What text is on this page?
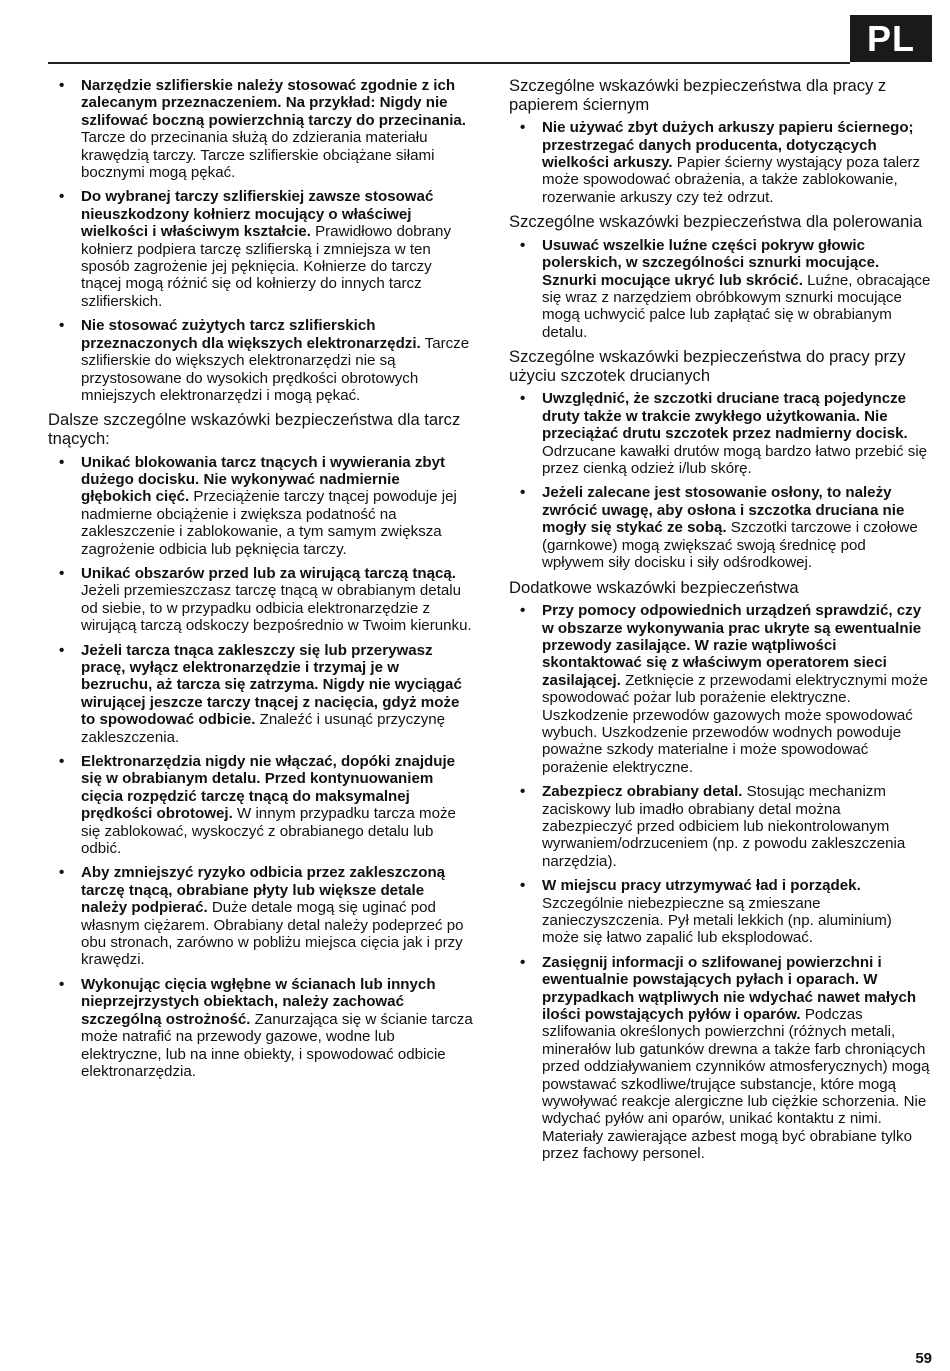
PL
• Narzędzie szlifierskie należy stosować zgodnie z ich zalecanym przeznaczeniem. Na przykład: Nigdy nie szlifować boczną powierzchnią tarczy do przecinania. Tarcze do przecinania służą do zdzierania materiału krawędzią tarczy. Tarcze szlifierskie obciążane siłami bocznymi mogą pękać.
• Do wybranej tarczy szlifierskiej zawsze stosować nieuszkodzony kołnierz mocujący o właściwej wielkości i właściwym kształcie. Prawidłowo dobrany kołnierz podpiera tarczę szlifierską i zmniejsza w ten sposób zagrożenie jej pęknięcia. Kołnierze do tarczy tnącej mogą różnić się od kołnierzy do innych tarcz szlifierskich.
• Nie stosować zużytych tarcz szlifierskich przeznaczonych dla większych elektronarzędzi. Tarcze szlifierskie do większych elektronarzędzi nie są przystosowane do wysokich prędkości obrotowych mniejszych elektronarzędzi i mogą pękać.
Dalsze szczególne wskazówki bezpieczeństwa dla tarcz tnących:
• Unikać blokowania tarcz tnących i wywierania zbyt dużego docisku. Nie wykonywać nadmiernie głębokich cięć. Przeciążenie tarczy tnącej powoduje jej nadmierne obciążenie i zwiększa podatność na zakleszczenie i zablokowanie, a tym samym zwiększa zagrożenie odbicia lub pęknięcia tarczy.
• Unikać obszarów przed lub za wirującą tarczą tnącą. Jeżeli przemieszczasz tarczę tnącą w obrabianym detalu od siebie, to w przypadku odbicia elektronarzędzie z wirującą tarczą odskoczy bezpośrednio w Twoim kierunku.
• Jeżeli tarcza tnąca zakleszczy się lub przerywasz pracę, wyłącz elektronarzędzie i trzymaj je w bezruchu, aż tarcza się zatrzyma. Nigdy nie wyciągać wirującej jeszcze tarczy tnącej z nacięcia, gdyż może to spowodować odbicie. Znaleźć i usunąć przyczynę zakleszczenia.
• Elektronarzędzia nigdy nie włączać, dopóki znajduje się w obrabianym detalu. Przed kontynuowaniem cięcia rozpędzić tarczę tnącą do maksymalnej prędkości obrotowej. W innym przypadku tarcza może się zablokować, wyskoczyć z obrabianego detalu lub odbić.
• Aby zmniejszyć ryzyko odbicia przez zakleszczoną tarczę tnącą, obrabiane płyty lub większe detale należy podpierać. Duże detale mogą się uginać pod własnym ciężarem. Obrabiany detal należy podeprzeć po obu stronach, zarówno w pobliżu miejsca cięcia jak i przy krawędzi.
• Wykonując cięcia wgłębne w ścianach lub innych nieprzejrzystych obiektach, należy zachować szczególną ostrożność. Zanurzająca się w ścianie tarcza może natrafić na przewody gazowe, wodne lub elektryczne, lub na inne obiekty, i spowodować odbicie elektronarzędzia.
Szczególne wskazówki bezpieczeństwa dla pracy z papierem ściernym
• Nie używać zbyt dużych arkuszy papieru ściernego; przestrzegać danych producenta, dotyczących wielkości arkuszy. Papier ścierny wystający poza talerz może spowodować obrażenia, a także zablokowanie, rozerwanie arkuszy czy też odrzut.
Szczególne wskazówki bezpieczeństwa dla polerowania
• Usuwać wszelkie luźne części pokryw głowic polerskich, w szczególności sznurki mocujące. Sznurki mocujące ukryć lub skrócić. Luźne, obracające się wraz z narzędziem obróbkowym sznurki mocujące mogą uchwycić palce lub zapłątać się w obrabianym detalu.
Szczególne wskazówki bezpieczeństwa do pracy przy użyciu szczotek drucianych
• Uwzględnić, że szczotki druciane tracą pojedyncze druty także w trakcie zwykłego użytkowania. Nie przeciążać drutu szczotek przez nadmierny docisk. Odrzucane kawałki drutów mogą bardzo łatwo przebić się przez cienką odzież i/lub skórę.
• Jeżeli zalecane jest stosowanie osłony, to należy zwrócić uwagę, aby osłona i szczotka druciana nie mogły się stykać ze sobą. Szczotki tarczowe i czołowe (garnkowe) mogą zwiększać swoją średnicę pod wpływem siły docisku i siły odśrodkowej.
Dodatkowe wskazówki bezpieczeństwa
• Przy pomocy odpowiednich urządzeń sprawdzić, czy w obszarze wykonywania prac ukryte są ewentualnie przewody zasilające. W razie wątpliwości skontaktować się z właściwym operatorem sieci zasilającej. Zetknięcie z przewodami elektrycznymi może spowodować pożar lub porażenie elektryczne. Uszkodzenie przewodów gazowych może spowodować wybuch. Uszkodzenie przewodów wodnych powoduje poważne szkody materialne i może spowodować porażenie elektryczne.
• Zabezpiecz obrabiany detal. Stosując mechanizm zaciskowy lub imadło obrabiany detal można zabezpieczyć przed odbiciem lub niekontrolowanym wyrwaniem/odrzuceniem (np. z powodu zakleszczenia narzędzia).
• W miejscu pracy utrzymywać ład i porządek. Szczególnie niebezpieczne są zmieszane zanieczyszczenia. Pył metali lekkich (np. aluminium) może się łatwo zapalić lub eksplodować.
• Zasięgnij informacji o szlifowanej powierzchni i ewentualnie powstających pyłach i oparach. W przypadkach wątpliwych nie wdychać nawet małych ilości powstających pyłów i oparów. Podczas szlifowania określonych powierzchni (różnych metali, minerałów lub gatunków drewna a także farb chroniących przed oddziaływaniem czynników atmosferycznych) mogą powstawać szkodliwe/trujące substancje, które mogą wywoływać reakcje alergiczne lub ciężkie schorzenia. Nie wdychać pyłów ani oparów, unikać kontaktu z nimi. Materiały zawierające azbest mogą być obrabiane tylko przez fachowy personel.
59
